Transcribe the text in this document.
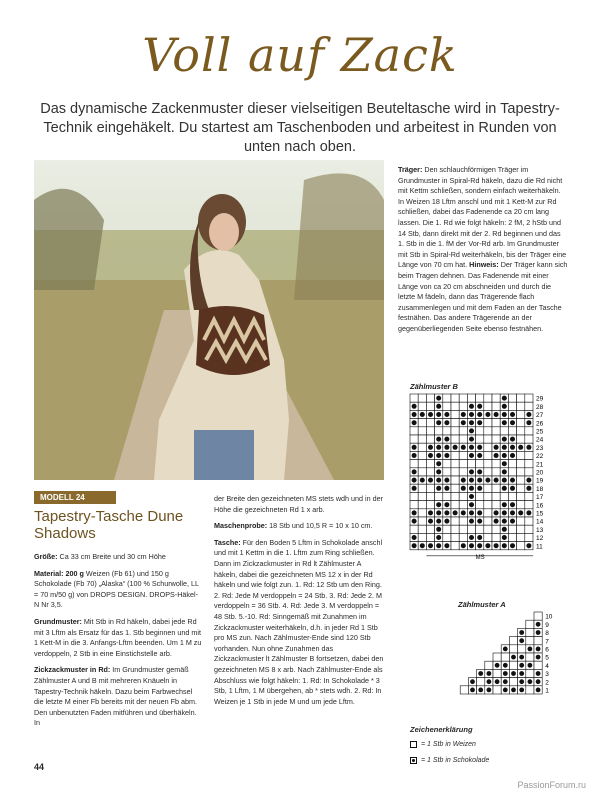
Voll auf Zack
Das dynamische Zackenmuster dieser vielseitigen Beuteltasche wird in Tapestry-Technik eingehäkelt. Du startest am Taschenboden und arbeitest in Runden von unten nach oben.

Träger: Den schlauchförmigen Träger im Grundmuster in Spiral-Rd häkeln, dazu die Rd nicht mit Kettm schließen, sondern einfach weiterhäkeln. In Weizen 18 Lftm anschl und mit 1 Kett-M zur Rd schließen, dabei das Fadenende ca 20 cm lang lassen. Die 1. Rd wie folgt häkeln: 2 fM, 2 hStb und 14 Stb, dann direkt mit der 2. Rd beginnen und das 1. Stb in die 1. fM der Vor-Rd arb. Im Grundmuster mit Stb in Spiral-Rd weiterhäkeln, bis der Träger eine Länge von 70 cm hat. Hinweis: Der Träger kann sich beim Tragen dehnen. Das Fadenende mit einer Länge von ca 20 cm abschneiden und durch die letzte M fädeln, dann das Trägerende flach zusammenlegen und mit dem Faden an der Tasche festnähen. Das andere Trägerende an der gegenüberliegenden Seite ebenso festnähen.

MODELL 24
Tapestry-Tasche Dune Shadows

Größe: Ca 33 cm Breite und 30 cm Höhe

Material: 200 g Weizen (Fb 61) und 150 g Schokolade (Fb 70) „Alaska“ (100 % Schurwolle, LL = 70 m/50 g) von DROPS DESIGN. DROPS-Häkel-N Nr 3,5.

Grundmuster: Mit Stb in Rd häkeln, dabei jede Rd mit 3 Lftm als Ersatz für das 1. Stb beginnen und mit 1 Kett-M in die 3. Anfangs-Lftm beenden. Um 1 M zu verdoppeln, 2 Stb in eine Einstichstelle arb.

Zickzackmuster in Rd: Im Grundmuster gemäß Zählmuster A und B mit mehreren Knäueln in Tapestry-Technik häkeln. Dazu beim Farbwechsel die letzte M einer Fb bereits mit der neuen Fb abm. Den unbenutzten Faden mitführen und überhäkeln. In

der Breite den gezeichneten MS stets wdh und in der Höhe die gezeichneten Rd 1 x arb.

Maschenprobe: 18 Stb und 10,5 R = 10 x 10 cm.

Tasche: Für den Boden 5 Lftm in Schokolade anschl und mit 1 Kettm in die 1. Lftm zum Ring schließen. Dann im Zickzackmuster in Rd lt Zählmuster A häkeln, dabei die gezeichneten MS 12 x in der Rd häkeln und wie folgt zun. 1. Rd: 12 Stb um den Ring. 2. Rd: Jede M verdoppeln = 24 Stb. 3. Rd: Jede 2. M verdoppeln = 36 Stb. 4. Rd: Jede 3. M verdoppeln = 48 Stb. 5.-10. Rd: Sinngemäß mit Zunahmen im Zickzackmuster weiterhäkeln, d.h. in jeder Rd 1 Stb pro MS zun. Nach Zählmuster-Ende sind 120 Stb vorhanden. Nun ohne Zunahmen das Zickzackmuster lt Zählmuster B fortsetzen, dabei den gezeichneten MS 8 x arb. Nach Zählmuster-Ende als Abschluss wie folgt häkeln: 1. Rd: In Schokolade * 3 Stb, 1 Lftm, 1 M übergehen, ab * stets wdh. 2. Rd: In Weizen je 1 Stb in jede M und um jede Lftm.

Zählmuster B
29
28
27
26
25
24
23
22
21
20
19
18
17
16
15
14
13
12
11
MS
Zählmuster A
10
9
8
7
6
5
4
3
2
1
Zeichenerklärung
= 1 Stb in Weizen
= 1 Stb in Schokolade
44
PassionForum.ru
